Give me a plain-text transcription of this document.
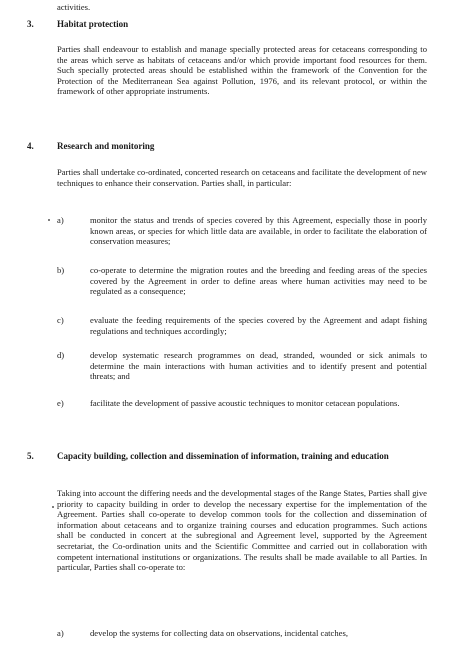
activities.
3.	Habitat protection
Parties shall endeavour to establish and manage specially protected areas for cetaceans corresponding to the areas which serve as habitats of cetaceans and/or which provide important food resources for them. Such specially protected areas should be established within the framework of the Convention for the Protection of the Mediterranean Sea against Pollution, 1976, and its relevant protocol, or within the framework of other appropriate instruments.
4.	Research and monitoring
Parties shall undertake co-ordinated, concerted research on cetaceans and facilitate the development of new techniques to enhance their conservation. Parties shall, in particular:
a)	monitor the status and trends of species covered by this Agreement, especially those in poorly known areas, or species for which little data are available, in order to facilitate the elaboration of conservation measures;
b)	co-operate to determine the migration routes and the breeding and feeding areas of the species covered by the Agreement in order to define areas where human activities may need to be regulated as a consequence;
c)	evaluate the feeding requirements of the species covered by the Agreement and adapt fishing regulations and techniques accordingly;
d)	develop systematic research programmes on dead, stranded, wounded or sick animals to determine the main interactions with human activities and to identify present and potential threats; and
e)	facilitate the development of passive acoustic techniques to monitor cetacean populations.
5.	Capacity building, collection and dissemination of information, training and education
Taking into account the differing needs and the developmental stages of the Range States, Parties shall give priority to capacity building in order to develop the necessary expertise for the implementation of the Agreement. Parties shall co-operate to develop common tools for the collection and dissemination of information about cetaceans and to organize training courses and education programmes. Such actions shall be conducted in concert at the subregional and Agreement level, supported by the Agreement secretariat, the Co-ordination units and the Scientific Committee and carried out in collaboration with competent international institutions or organizations. The results shall be made available to all Parties. In particular, Parties shall co-operate to:
a)	develop the systems for collecting data on observations, incidental catches,
